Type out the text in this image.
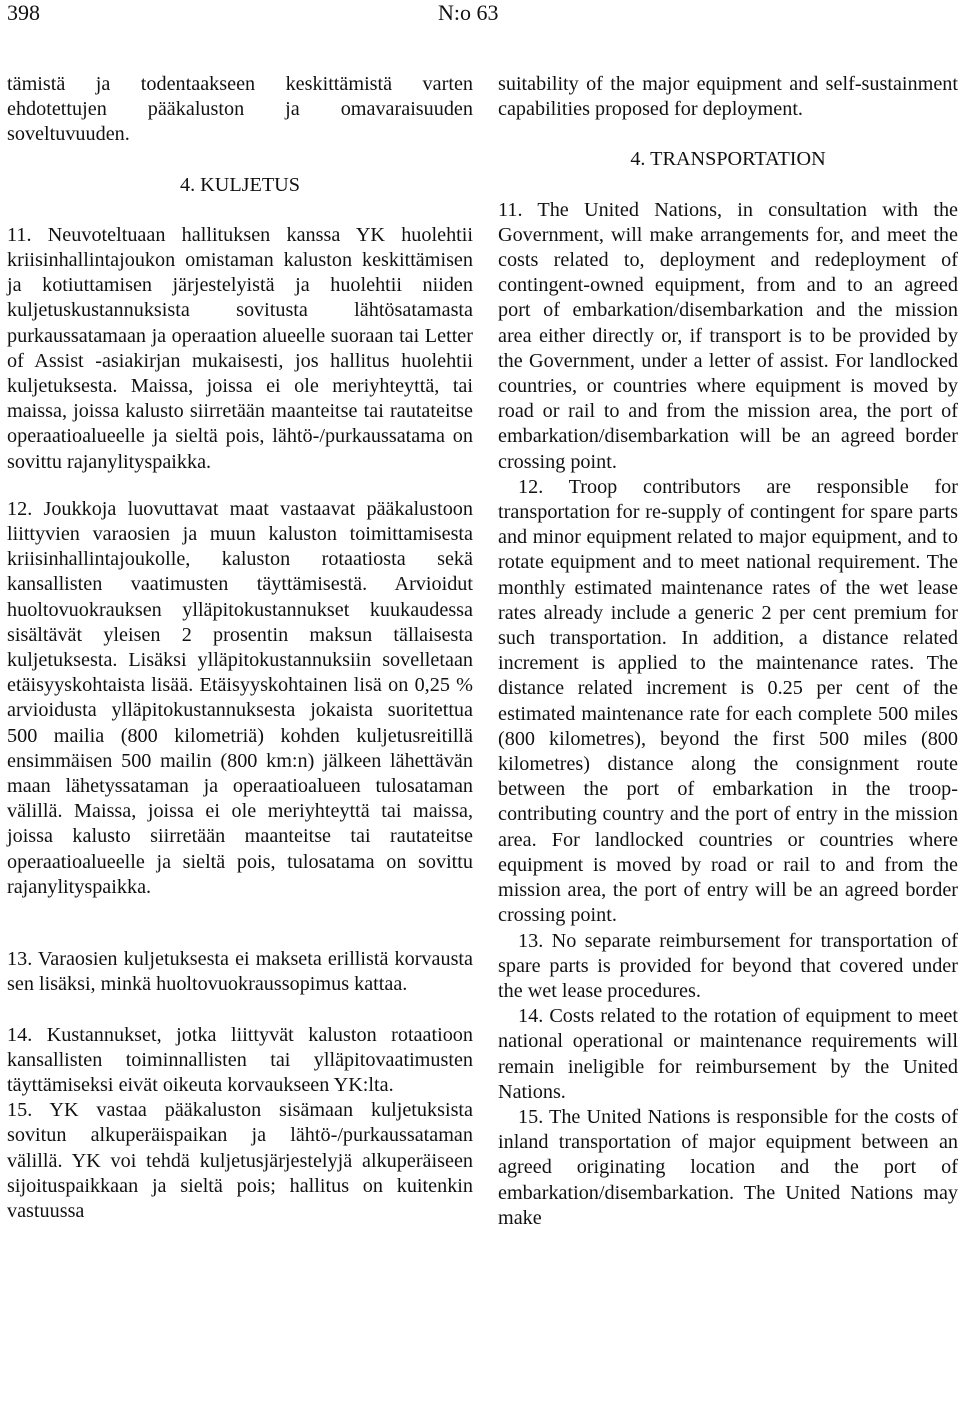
398	N:o 63

tämistä ja todentaakseen keskittämistä varten ehdotettujen pääkaluston ja omavaraisuuden soveltuvuuden.

4. KULJETUS

11. Neuvoteltuaan hallituksen kanssa YK huolehtii kriisinhallintajoukon omistaman kaluston keskittämisen ja kotiuttamisen järjestelyistä ja huolehtii niiden kuljetuskustannuksista sovitusta lähtösatamasta purkaussatamaan ja operaation alueelle suoraan tai Letter of Assist -asiakirjan mukaisesti, jos hallitus huolehtii kuljetuksesta. Maissa, joissa ei ole meriyhteyttä, tai maissa, joissa kalusto siirretään maanteitse tai rautateitse operaatioalueelle ja sieltä pois, lähtö-/purkaussatama on sovittu rajanylityspaikka.

12. Joukkoja luovuttavat maat vastaavat pääkalustoon liittyvien varaosien ja muun kaluston toimittamisesta kriisinhallintajoukolle, kaluston rotaatiosta sekä kansallisten vaatimusten täyttämisestä. Arvioidut huoltovuokrauksen ylläpitokustannukset kuukaudessa sisältävät yleisen 2 prosentin maksun tällaisesta kuljetuksesta. Lisäksi ylläpitokustannuksiin sovelletaan etäisyyskohtaista lisää. Etäisyyskohtainen lisä on 0,25 % arvioidusta ylläpitokustannuksesta jokaista suoritettua 500 mailia (800 kilometriä) kohden kuljetusreitillä ensimmäisen 500 mailin (800 km:n) jälkeen lähettävän maan lähetyssataman ja operaatioalueen tulosataman välillä. Maissa, joissa ei ole meriyhteyttä tai maissa, joissa kalusto siirretään maanteitse tai rautateitse operaatioalueelle ja sieltä pois, tulosatama on sovittu rajanylityspaikka.

13. Varaosien kuljetuksesta ei makseta erillistä korvausta sen lisäksi, minkä huoltovuokraussopimus kattaa.

14. Kustannukset, jotka liittyvät kaluston rotaatioon kansallisten toiminnallisten tai ylläpitovaatimusten täyttämiseksi eivät oikeuta korvaukseen YK:lta.

15. YK vastaa pääkaluston sisämaan kuljetuksista sovitun alkuperäispaikan ja lähtö-/purkaussataman välillä. YK voi tehdä kuljetusjärjestelyjä alkuperäiseen sijoituspaikkaan ja sieltä pois; hallitus on kuitenkin vastuussa

suitability of the major equipment and self-sustainment capabilities proposed for deployment.

4. TRANSPORTATION

11. The United Nations, in consultation with the Government, will make arrangements for, and meet the costs related to, deployment and redeployment of contingent-owned equipment, from and to an agreed port of embarkation/disembarkation and the mission area either directly or, if transport is to be provided by the Government, under a letter of assist. For landlocked countries, or countries where equipment is moved by road or rail to and from the mission area, the port of embarkation/disembarkation will be an agreed border crossing point.

12. Troop contributors are responsible for transportation for re-supply of contingent for spare parts and minor equipment related to major equipment, and to rotate equipment and to meet national requirement. The monthly estimated maintenance rates of the wet lease rates already include a generic 2 per cent premium for such transportation. In addition, a distance related increment is applied to the maintenance rates. The distance related increment is 0.25 per cent of the estimated maintenance rate for each complete 500 miles (800 kilometres), beyond the first 500 miles (800 kilometres) distance along the consignment route between the port of embarkation in the troop-contributing country and the port of entry in the mission area. For landlocked countries or countries where equipment is moved by road or rail to and from the mission area, the port of entry will be an agreed border crossing point.

13. No separate reimbursement for transportation of spare parts is provided for beyond that covered under the wet lease procedures.

14. Costs related to the rotation of equipment to meet national operational or maintenance requirements will remain ineligible for reimbursement by the United Nations.

15. The United Nations is responsible for the costs of inland transportation of major equipment between an agreed originating location and the port of embarkation/disembarkation. The United Nations may make
